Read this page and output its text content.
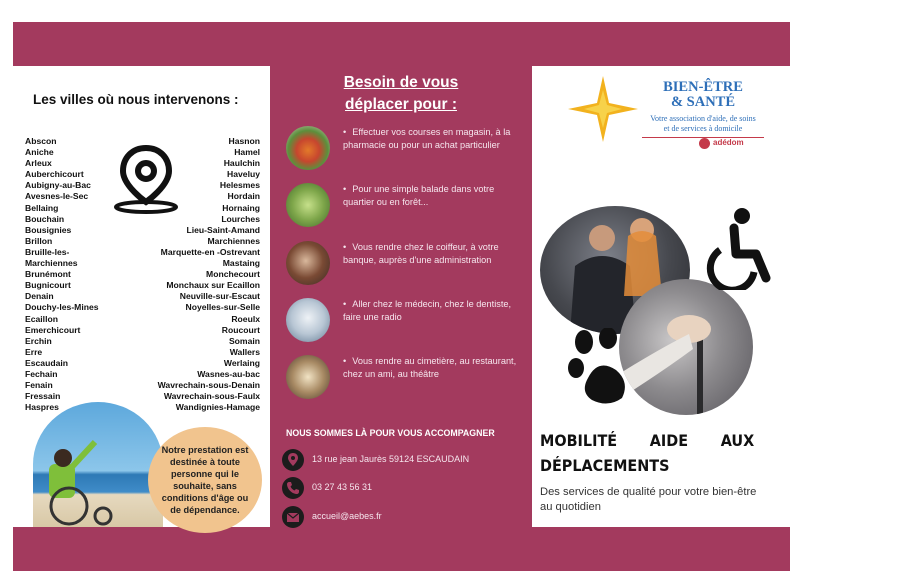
Les villes où nous intervenons :
Abscon
Aniche
Arleux
Auberchicourt
Aubigny-au-Bac
Avesnes-le-Sec
Bellaing
Bouchain
Bousignies
Brillon
Bruille-les-
Marchiennes
Brunémont
Bugnicourt
Denain
Douchy-les-Mines
Ecaillon
Emerchicourt
Erchin
Erre
Escaudain
Fechain
Fenain
Fressain
Haspres
Hasnon
Hamel
Haulchin
Haveluy
Helesmes
Hordain
Hornaing
Lourches
Lieu-Saint-Amand
Marchiennes
Marquette-en -Ostrevant
Mastaing
Monchecourt
Monchaux sur Ecaillon
Neuville-sur-Escaut
Noyelles-sur-Selle
Roeulx
Roucourt
Somain
Wallers
Werlaing
Wasnes-au-bac
Wavrechain-sous-Denain
Wavrechain-sous-Faulx
Wandignies-Hamage
Notre prestation est destinée à toute personne qui le souhaite, sans conditions d'âge ou de dépendance.
Besoin de vous
déplacer pour :
• Effectuer vos courses en magasin, à la pharmacie ou pour un achat particulier
• Pour une simple balade dans votre quartier ou en forêt...
• Vous rendre chez le coiffeur, à votre banque, auprès d'une administration
• Aller chez le médecin, chez le dentiste, faire une radio
• Vous rendre au cimetière, au restaurant, chez un ami, au théâtre
NOUS SOMMES LÀ POUR VOUS ACCOMPAGNER
13 rue jean Jaurès 59124 ESCAUDAIN
03 27 43 56 31
accueil@aebes.fr
BIEN-ÊTRE
& SANTÉ
Votre association d'aide, de soins
et de services à domicile
adédom
MOBILITÉ AIDE AUX
DÉPLACEMENTS
Des services de qualité pour votre bien-être au quotidien
